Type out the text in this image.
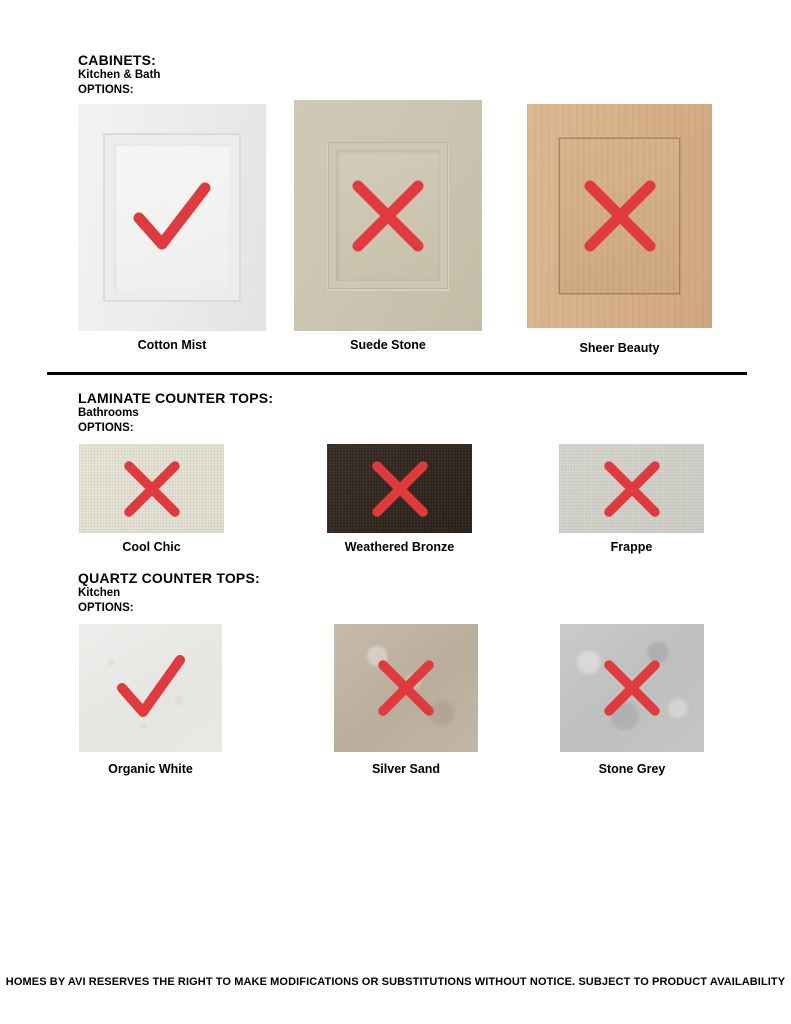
CABINETS:

Kitchen & Bath

OPTIONS:

Cotton Mist	Suede Stone	Sheer Beauty

LAMINATE COUNTER TOPS:

Bathrooms

OPTIONS:

Cool Chic	Weathered Bronze	Frappe

QUARTZ COUNTER TOPS:

Kitchen

OPTIONS:

Organic White	Silver Sand	Stone Grey
HOMES BY AVI RESERVES THE RIGHT TO MAKE MODIFICATIONS OR SUBSTITUTIONS WITHOUT NOTICE. SUBJECT TO PRODUCT AVAILABILITY
